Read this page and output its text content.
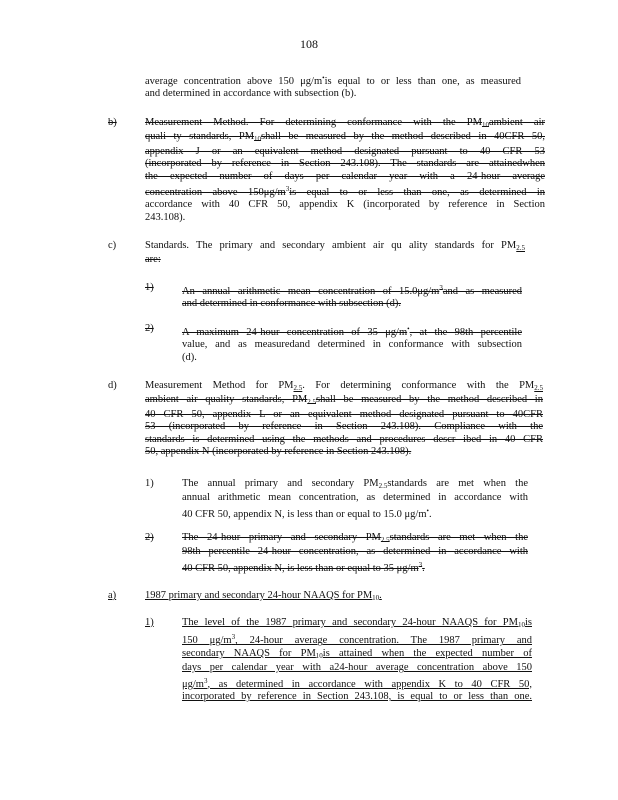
108
average concentration above 150 μg/m•is equal to or less than one, as measured
and determined in accordance with subsection (b).
b)	Measurement Method. For determining conformance with the $PM_{10}ambient$ air
quali ty standards, $PM_{10}shall$ be measured by the method described in 40CFR 50,
appendix J or an equivalent method designated pursuant to 40 CFR 53
(incorporated by reference in Section 243.108). The standards are attainedwhen
the expected number of days per calendar year with a 24-hour average
concentration above $150\mu g/m^3is$ equal to or less than one, as determined in
accordance with 40 CFR 50, appendix K (incorporated by reference in Section
243.108).
c)	Standards. The primary and secondary ambient air qu ality standards for $PM_{2.5}$
are:
1)	An annual arithmetic mean concentration of $15.0\mu g/m^3and$ as measured
and determined in conformance with subsection (d).
2)	A maximum 24-hour concentration of 35 μg/m•, at the 98th percentile
value, and as measuredand determined in conformance with subsection
(d).
d)	Measurement Method for $PM_{2.5}$. For determining conformance with the $PM_{2.5}$
ambient air quality standards, $PM_{2.5}shall$ be measured by the method described in
40 CFR 50, appendix L or an equivalent method designated pursuant to 40CFR
53 (incorporated by reference in Section 243.108). Compliance with the
standards is determined using the methods and procedures descr ibed in 40 CFR
50, appendix N (incorporated by reference in Section 243.108).
1)	The annual primary and secondary $PM_{2.5}standards$ are met when the
annual arithmetic mean concentration, as determined in accordance with
40 CFR 50, appendix N, is less than or equal to 15.0 μg/m•.
2)	The 24-hour primary and secondary $PM_{2.5}standards$ are met when the
98th percentile 24-hour concentration, as determined in accordance with
40 CFR 50, appendix N, is less than or equal to 35 $\mu g/m^3$.
a)	1987 primary and secondary 24-hour NAAQS for $PM_{10}$.
1)	The level of the 1987 primary and secondary 24-hour NAAQS for $PM_{10}is$
150 $\mu g/m^3$, 24-hour average concentration. The 1987 primary and
secondary NAAQS for $PM_{10}is$ attained when the expected number of
days per calendar year with a24-hour average concentration above 150
$\mu g/m^3$, as determined in accordance with appendix K to 40 CFR 50,
incorporated by reference in Section 243.108, is equal to or less than one.
